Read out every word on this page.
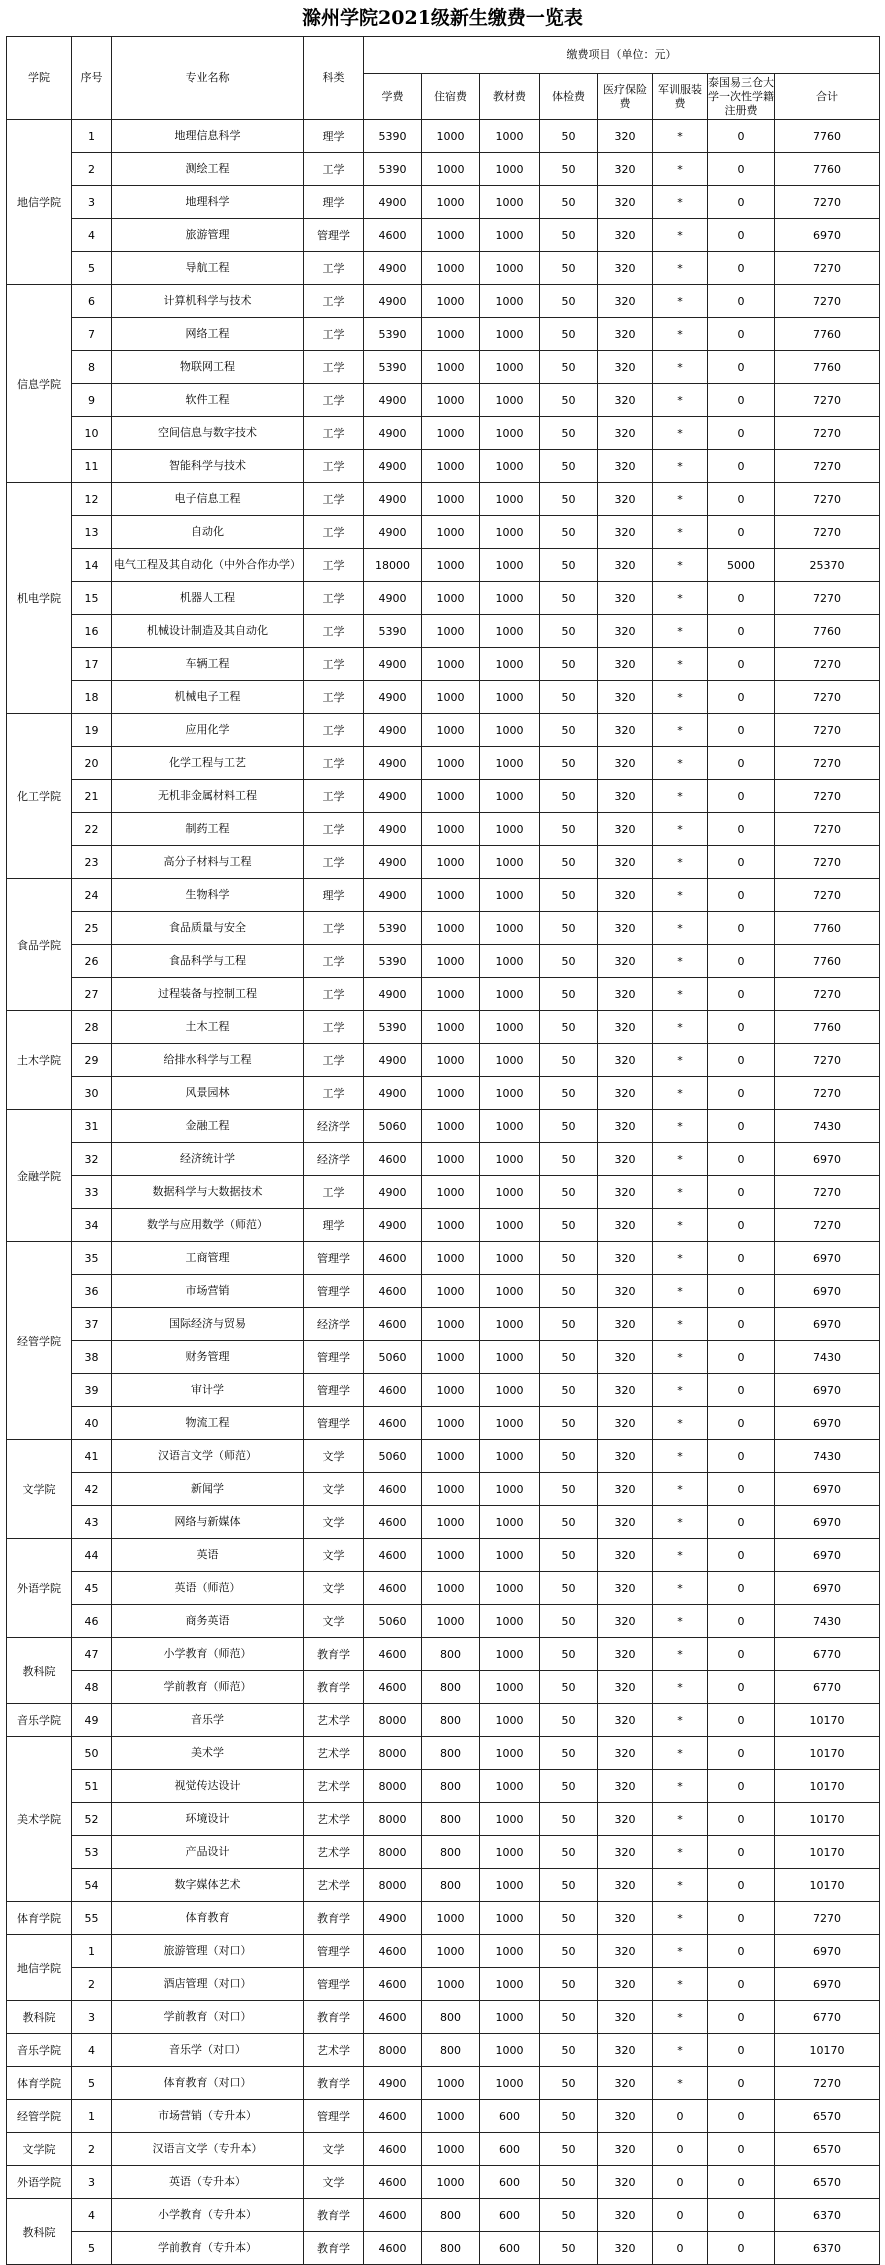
滁州学院2021级新生缴费一览表
学院	序号	专业名称	科类	缴费项目（单位：元）							
				学费	住宿费	教材费	体检费	医疗保险费	军训服装费	泰国易三仓大学一次性学籍注册费	合计
地信学院	1	地理信息科学	理学	5390	1000	1000	50	320	*	0	7760
	2	测绘工程	工学	5390	1000	1000	50	320	*	0	7760
	3	地理科学	理学	4900	1000	1000	50	320	*	0	7270
	4	旅游管理	管理学	4600	1000	1000	50	320	*	0	6970
	5	导航工程	工学	4900	1000	1000	50	320	*	0	7270
信息学院	6	计算机科学与技术	工学	4900	1000	1000	50	320	*	0	7270
	7	网络工程	工学	5390	1000	1000	50	320	*	0	7760
	8	物联网工程	工学	5390	1000	1000	50	320	*	0	7760
	9	软件工程	工学	4900	1000	1000	50	320	*	0	7270
	10	空间信息与数字技术	工学	4900	1000	1000	50	320	*	0	7270
	11	智能科学与技术	工学	4900	1000	1000	50	320	*	0	7270
机电学院	12	电子信息工程	工学	4900	1000	1000	50	320	*	0	7270
	13	自动化	工学	4900	1000	1000	50	320	*	0	7270
	14	电气工程及其自动化（中外合作办学）	工学	18000	1000	1000	50	320	*	5000	25370
	15	机器人工程	工学	4900	1000	1000	50	320	*	0	7270
	16	机械设计制造及其自动化	工学	5390	1000	1000	50	320	*	0	7760
	17	车辆工程	工学	4900	1000	1000	50	320	*	0	7270
	18	机械电子工程	工学	4900	1000	1000	50	320	*	0	7270
化工学院	19	应用化学	工学	4900	1000	1000	50	320	*	0	7270
	20	化学工程与工艺	工学	4900	1000	1000	50	320	*	0	7270
	21	无机非金属材料工程	工学	4900	1000	1000	50	320	*	0	7270
	22	制药工程	工学	4900	1000	1000	50	320	*	0	7270
	23	高分子材料与工程	工学	4900	1000	1000	50	320	*	0	7270
食品学院	24	生物科学	理学	4900	1000	1000	50	320	*	0	7270
	25	食品质量与安全	工学	5390	1000	1000	50	320	*	0	7760
	26	食品科学与工程	工学	5390	1000	1000	50	320	*	0	7760
	27	过程装备与控制工程	工学	4900	1000	1000	50	320	*	0	7270
土木学院	28	土木工程	工学	5390	1000	1000	50	320	*	0	7760
	29	给排水科学与工程	工学	4900	1000	1000	50	320	*	0	7270
	30	风景园林	工学	4900	1000	1000	50	320	*	0	7270
金融学院	31	金融工程	经济学	5060	1000	1000	50	320	*	0	7430
	32	经济统计学	经济学	4600	1000	1000	50	320	*	0	6970
	33	数据科学与大数据技术	工学	4900	1000	1000	50	320	*	0	7270
	34	数学与应用数学（师范）	理学	4900	1000	1000	50	320	*	0	7270
经管学院	35	工商管理	管理学	4600	1000	1000	50	320	*	0	6970
	36	市场营销	管理学	4600	1000	1000	50	320	*	0	6970
	37	国际经济与贸易	经济学	4600	1000	1000	50	320	*	0	6970
	38	财务管理	管理学	5060	1000	1000	50	320	*	0	7430
	39	审计学	管理学	4600	1000	1000	50	320	*	0	6970
	40	物流工程	管理学	4600	1000	1000	50	320	*	0	6970
文学院	41	汉语言文学（师范）	文学	5060	1000	1000	50	320	*	0	7430
	42	新闻学	文学	4600	1000	1000	50	320	*	0	6970
	43	网络与新媒体	文学	4600	1000	1000	50	320	*	0	6970
外语学院	44	英语	文学	4600	1000	1000	50	320	*	0	6970
	45	英语（师范）	文学	4600	1000	1000	50	320	*	0	6970
	46	商务英语	文学	5060	1000	1000	50	320	*	0	7430
教科院	47	小学教育（师范）	教育学	4600	800	1000	50	320	*	0	6770
	48	学前教育（师范）	教育学	4600	800	1000	50	320	*	0	6770
音乐学院	49	音乐学	艺术学	8000	800	1000	50	320	*	0	10170
美术学院	50	美术学	艺术学	8000	800	1000	50	320	*	0	10170
	51	视觉传达设计	艺术学	8000	800	1000	50	320	*	0	10170
	52	环境设计	艺术学	8000	800	1000	50	320	*	0	10170
	53	产品设计	艺术学	8000	800	1000	50	320	*	0	10170
	54	数字媒体艺术	艺术学	8000	800	1000	50	320	*	0	10170
体育学院	55	体育教育	教育学	4900	1000	1000	50	320	*	0	7270
地信学院	1	旅游管理（对口）	管理学	4600	1000	1000	50	320	*	0	6970
	2	酒店管理（对口）	管理学	4600	1000	1000	50	320	*	0	6970
教科院	3	学前教育（对口）	教育学	4600	800	1000	50	320	*	0	6770
音乐学院	4	音乐学（对口）	艺术学	8000	800	1000	50	320	*	0	10170
体育学院	5	体育教育（对口）	教育学	4900	1000	1000	50	320	*	0	7270
经管学院	1	市场营销（专升本）	管理学	4600	1000	600	50	320	0	0	6570
文学院	2	汉语言文学（专升本）	文学	4600	1000	600	50	320	0	0	6570
外语学院	3	英语（专升本）	文学	4600	1000	600	50	320	0	0	6570
教科院	4	小学教育（专升本）	教育学	4600	800	600	50	320	0	0	6370
	5	学前教育（专升本）	教育学	4600	800	600	50	320	0	0	6370
